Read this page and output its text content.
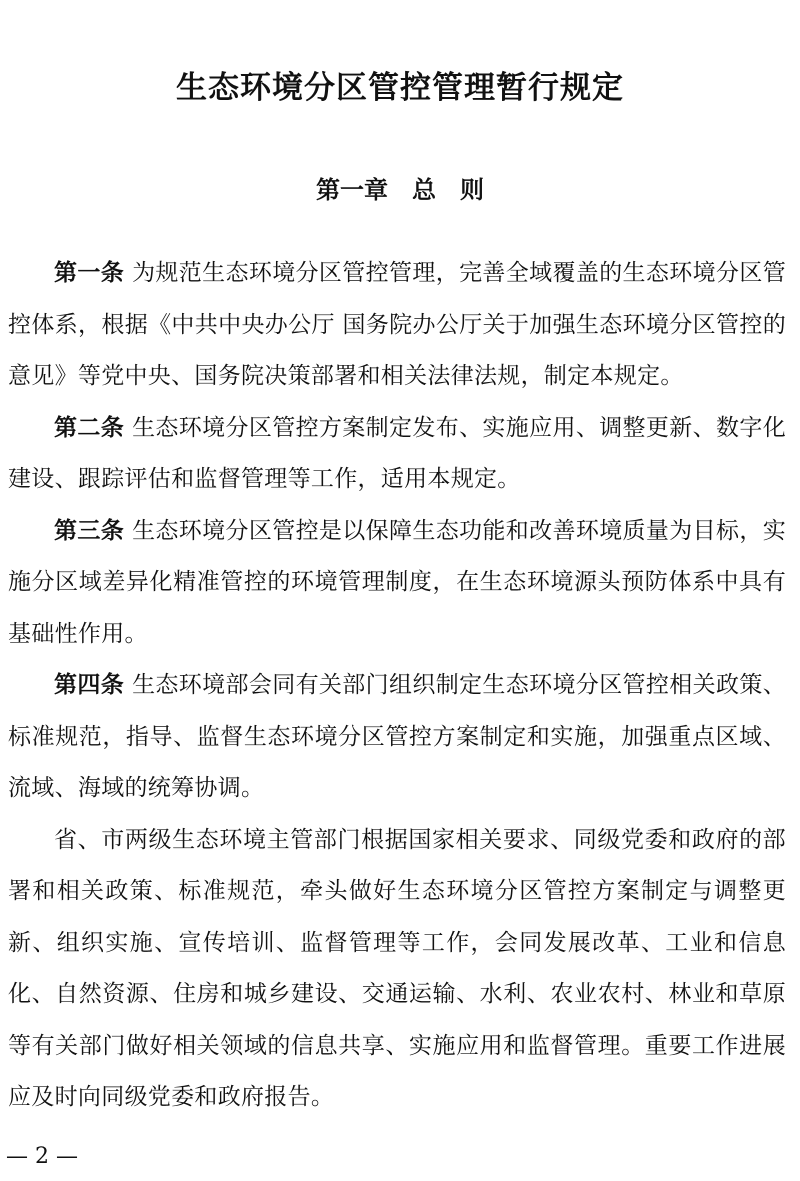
生态环境分区管控管理暂行规定
第一章　总　则

第一条 为规范生态环境分区管控管理，完善全域覆盖的生态环境分区管控体系，根据《中共中央办公厅 国务院办公厅关于加强生态环境分区管控的意见》等党中央、国务院决策部署和相关法律法规，制定本规定。

第二条 生态环境分区管控方案制定发布、实施应用、调整更新、数字化建设、跟踪评估和监督管理等工作，适用本规定。

第三条 生态环境分区管控是以保障生态功能和改善环境质量为目标，实施分区域差异化精准管控的环境管理制度，在生态环境源头预防体系中具有基础性作用。

第四条 生态环境部会同有关部门组织制定生态环境分区管控相关政策、标准规范，指导、监督生态环境分区管控方案制定和实施，加强重点区域、流域、海域的统筹协调。

省、市两级生态环境主管部门根据国家相关要求、同级党委和政府的部署和相关政策、标准规范，牵头做好生态环境分区管控方案制定与调整更新、组织实施、宣传培训、监督管理等工作，会同发展改革、工业和信息化、自然资源、住房和城乡建设、交通运输、水利、农业农村、林业和草原等有关部门做好相关领域的信息共享、实施应用和监督管理。重要工作进展应及时向同级党委和政府报告。

— 2 —
